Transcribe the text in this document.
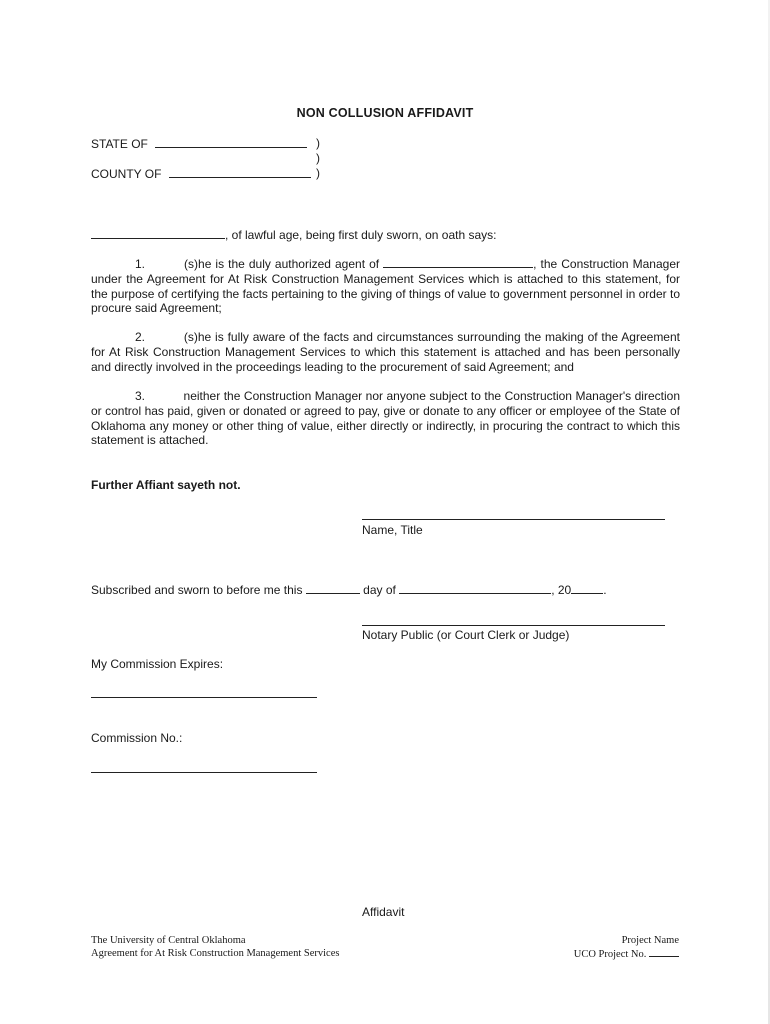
NON COLLUSION AFFIDAVIT
STATE OF	)
)
COUNTY OF	)
, of lawful age, being first duly sworn, on oath says:
1.	(s)he is the duly authorized agent of	, the Construction Manager under the Agreement for At Risk Construction Management Services which is attached to this statement, for the purpose of certifying the facts pertaining to the giving of things of value to government personnel in order to procure said Agreement;
2.	(s)he is fully aware of the facts and circumstances surrounding the making of the Agreement for At Risk Construction Management Services to which this statement is attached and has been personally and directly involved in the proceedings leading to the procurement of said Agreement; and
3.	neither the Construction Manager nor anyone subject to the Construction Manager's direction or control has paid, given or donated or agreed to pay, give or donate to any officer or employee of the State of Oklahoma any money or other thing of value, either directly or indirectly, in procuring the contract to which this statement is attached.
Further Affiant sayeth not.
Name, Title
Subscribed and sworn to before me this	day of	, 20	.
Notary Public (or Court Clerk or Judge)
My Commission Expires:
Commission No.:
Affidavit
The University of Central Oklahoma
Agreement for At Risk Construction Management Services
Project Name
UCO Project No.
